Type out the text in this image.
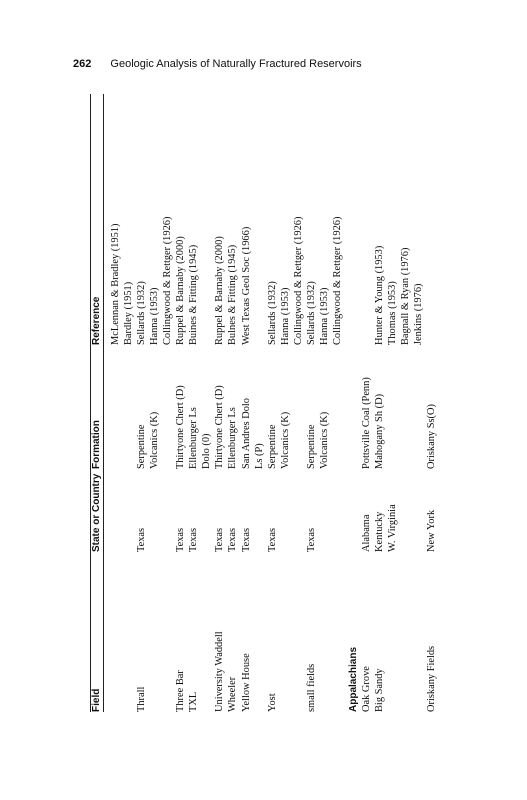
262 Geologic Analysis of Naturally Fractured Reservoirs
Field
State or Country
Formation
Reference McLennan & Bradley (1951) Bardley (1951)
Thrall
Texas
Serpentine
Sellards (1932)
Volcanics (K)
Hanna (1953) Collingwood & Rettger (1926)
Three Bar
Texas
Thirtyone Chert (D)
Ruppel & Barnaby (2000)
TXL
Texas
Ellenburger Ls
Buines & Fitting (1945)
Dolo (0)
University Waddell
Texas
Thirtyone Chert (D)
Ruppel & Barnaby (2000)
Wheeler
Texas
Ellenburger Ls
Bulnes & Fitting (1945)
Yellow House
Texas
San Andres Dolo
West Texas Geol Soc (1966)
Ls (P)
Yost
Texas
Serpentine
Sellards (1932)
Volcanics (K)
Hanna (1953) Collingwood & Rettger (1926)
small fields
Texas
Serpentine
Sellards (1932)
Volcanics (K)
Hanna (1953) Collingwood & Rettger (1926)
Appalachians Oak Grove
Alabama
Pottsville Coal (Penn)
Big Sandy
Kentucky
Mahogany Sh (D)
Hunter & Young (1953)
W. Virginia
Thomas (1953) Bagnall & Ryan (1976) Jenkins (1976)
Oriskany Fields
New York
Oriskany Ss(O)
